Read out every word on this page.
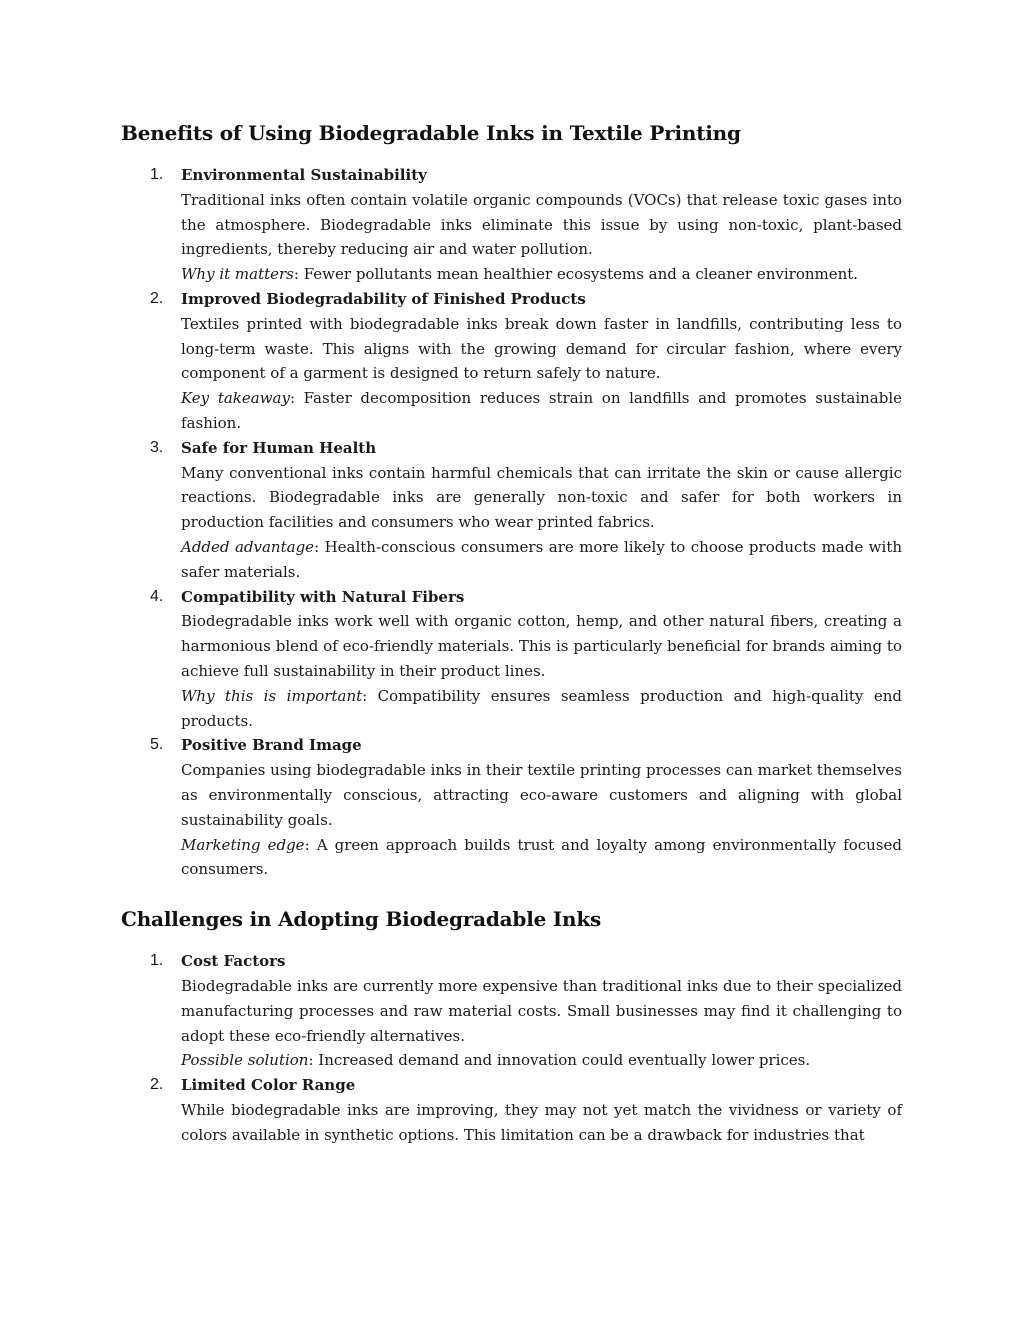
Benefits of Using Biodegradable Inks in Textile Printing
1. Environmental Sustainability
Traditional inks often contain volatile organic compounds (VOCs) that release toxic gases into the atmosphere. Biodegradable inks eliminate this issue by using non-toxic, plant-based ingredients, thereby reducing air and water pollution.
Why it matters: Fewer pollutants mean healthier ecosystems and a cleaner environment.
2. Improved Biodegradability of Finished Products
Textiles printed with biodegradable inks break down faster in landfills, contributing less to long-term waste. This aligns with the growing demand for circular fashion, where every component of a garment is designed to return safely to nature.
Key takeaway: Faster decomposition reduces strain on landfills and promotes sustainable fashion.
3. Safe for Human Health
Many conventional inks contain harmful chemicals that can irritate the skin or cause allergic reactions. Biodegradable inks are generally non-toxic and safer for both workers in production facilities and consumers who wear printed fabrics.
Added advantage: Health-conscious consumers are more likely to choose products made with safer materials.
4. Compatibility with Natural Fibers
Biodegradable inks work well with organic cotton, hemp, and other natural fibers, creating a harmonious blend of eco-friendly materials. This is particularly beneficial for brands aiming to achieve full sustainability in their product lines.
Why this is important: Compatibility ensures seamless production and high-quality end products.
5. Positive Brand Image
Companies using biodegradable inks in their textile printing processes can market themselves as environmentally conscious, attracting eco-aware customers and aligning with global sustainability goals.
Marketing edge: A green approach builds trust and loyalty among environmentally focused consumers.
Challenges in Adopting Biodegradable Inks
1. Cost Factors
Biodegradable inks are currently more expensive than traditional inks due to their specialized manufacturing processes and raw material costs. Small businesses may find it challenging to adopt these eco-friendly alternatives.
Possible solution: Increased demand and innovation could eventually lower prices.
2. Limited Color Range
While biodegradable inks are improving, they may not yet match the vividness or variety of colors available in synthetic options. This limitation can be a drawback for industries that
